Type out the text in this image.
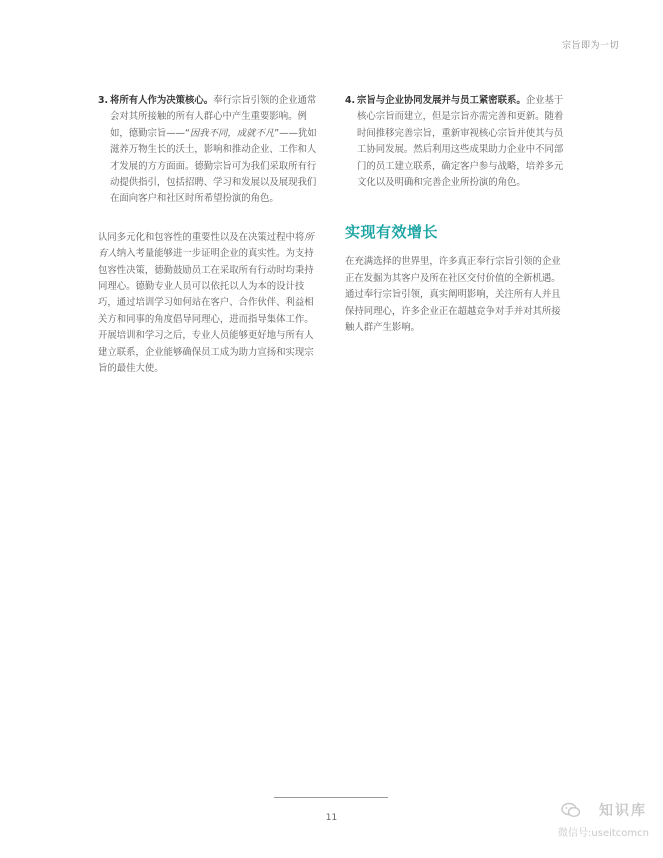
宗旨即为一切

3. 将所有人作为决策核心。奉行宗旨引领的企业通常会对其所接触的所有人群心中产生重要影响。例如，德勤宗旨——“因我不同，成就不凡”——犹如滋养万物生长的沃土，影响和推动企业、工作和人才发展的方方面面。德勤宗旨可为我们采取所有行动提供指引，包括招聘、学习和发展以及展现我们在面向客户和社区时所希望扮演的角色。

认同多元化和包容性的重要性以及在决策过程中将所有人纳入考量能够进一步证明企业的真实性。为支持包容性决策，德勤鼓励员工在采取所有行动时均秉持同理心。德勤专业人员可以依托以人为本的设计技巧，通过培训学习如何站在客户、合作伙伴、利益相关方和同事的角度倡导同理心，进而指导集体工作。开展培训和学习之后，专业人员能够更好地与所有人建立联系，企业能够确保员工成为助力宣扬和实现宗旨的最佳大使。

4. 宗旨与企业协同发展并与员工紧密联系。企业基于核心宗旨而建立，但是宗旨亦需完善和更新。随着时间推移完善宗旨，重新审视核心宗旨并使其与员工协同发展。然后利用这些成果助力企业中不同部门的员工建立联系，确定客户参与战略，培养多元文化以及明确和完善企业所扮演的角色。

实现有效增长

在充满选择的世界里，许多真正奉行宗旨引领的企业正在发掘为其客户及所在社区交付价值的全新机遇。通过奉行宗旨引领，真实阐明影响，关注所有人并且保持同理心，许多企业正在超越竞争对手并对其所接触人群产生影响。

11	知识库
微信号:useitcomcn
